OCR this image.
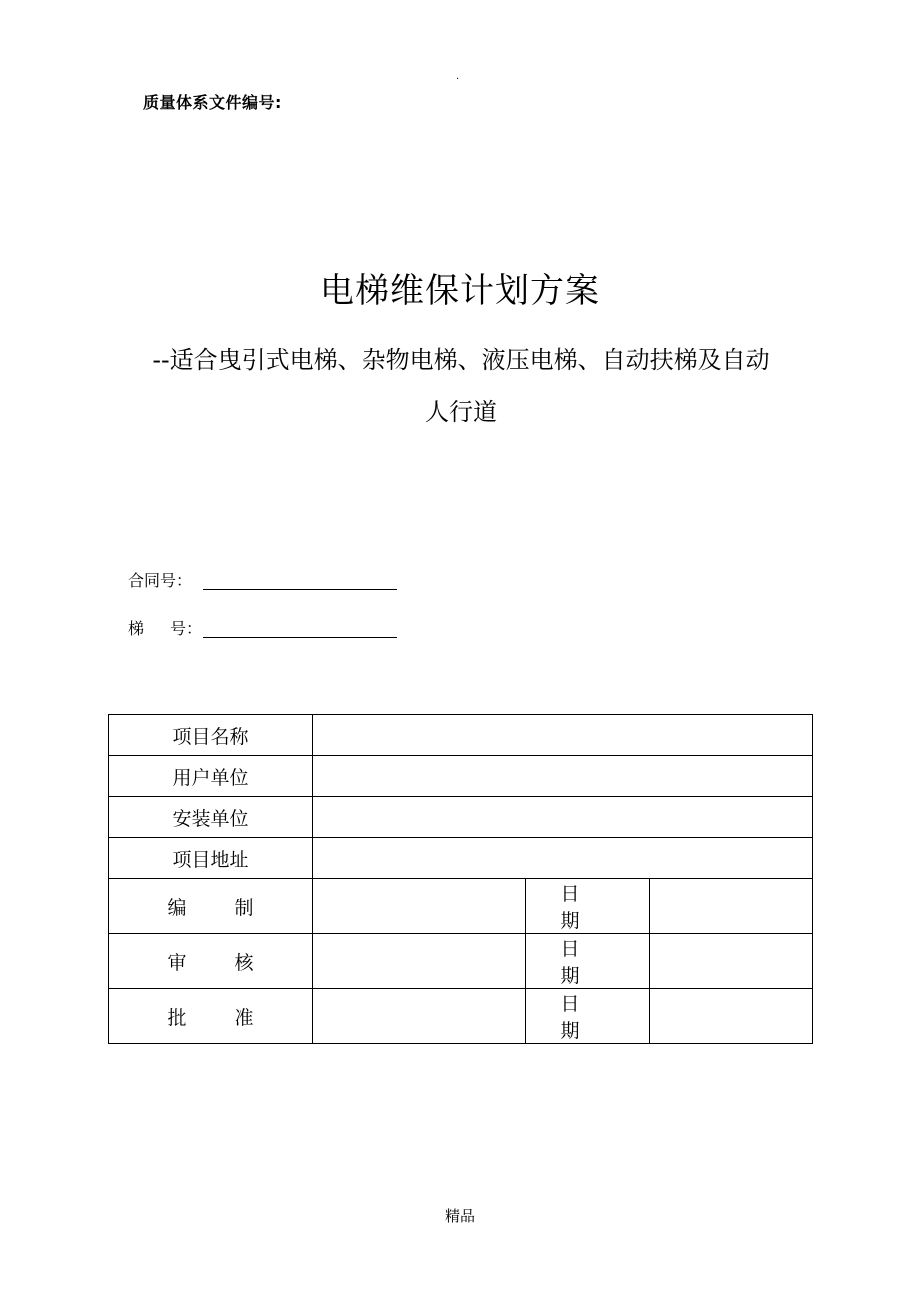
.
质量体系文件编号:
电梯维保计划方案
--适合曳引式电梯、杂物电梯、液压电梯、自动扶梯及自动
人行道
合同号：
梯 号：
项目名称			
用户单位			
安装单位			
项目地址			
编　制		日　期	
审　核		日　期	
批　准		日　期	
精品
